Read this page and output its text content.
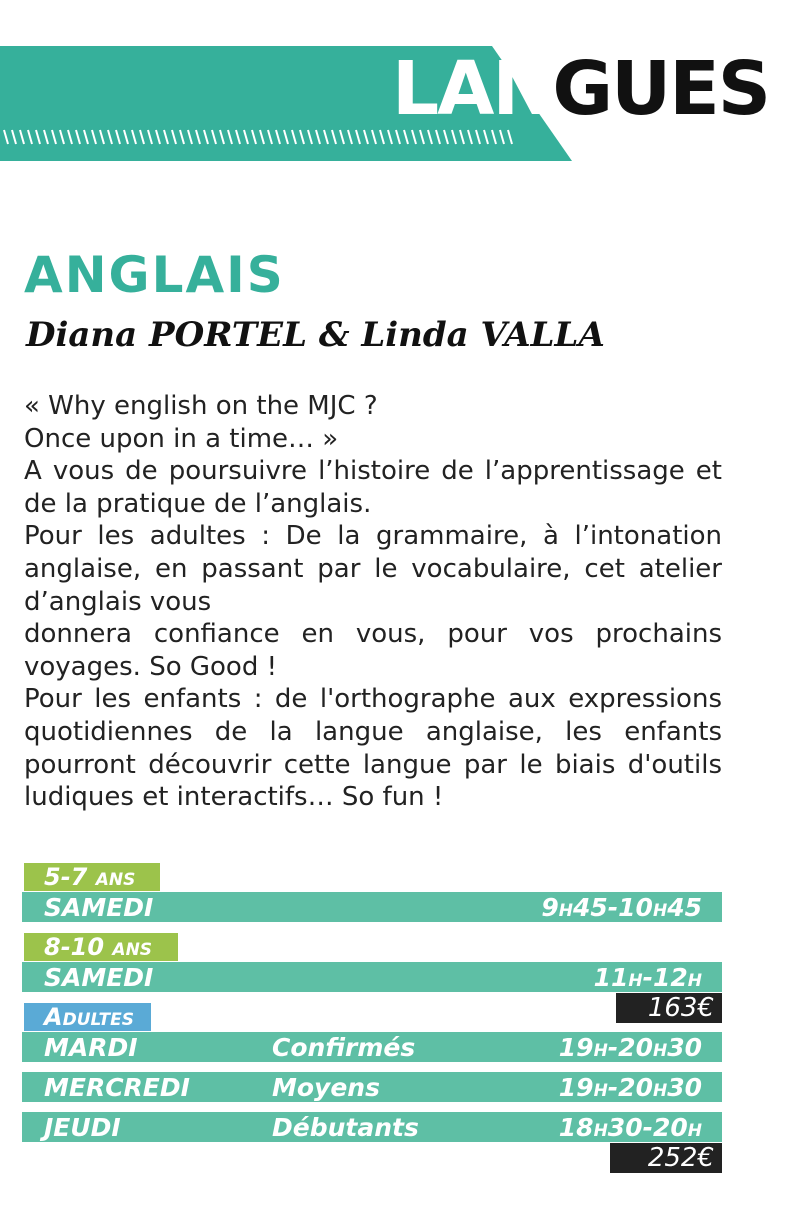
LANGUES
ANGLAIS
Diana PORTEL & Linda VALLA

« Why english on the MJC ?

Once upon in a time… »

A vous de poursuivre l’histoire de l’apprentissage et de la pratique de l’anglais.

Pour les adultes : De la grammaire, à l’intonation anglaise, en passant par le vocabulaire, cet atelier d’anglais vous

donnera confiance en vous, pour vos prochains voyages. So Good !

Pour les enfants : de l'orthographe aux expressions quotidiennes de la langue anglaise, les enfants pourront découvrir cette langue par le biais d'outils ludiques et interactifs… So fun !

5-7 ANS
SAMEDI	9H45-10H45
8-10 ANS
SAMEDI	11H-12H
163€
ADULTES
MARDI	Confirmés	19H-20H30
MERCREDI	Moyens	19H-20H30
JEUDI	Débutants	18H30-20H
252€
